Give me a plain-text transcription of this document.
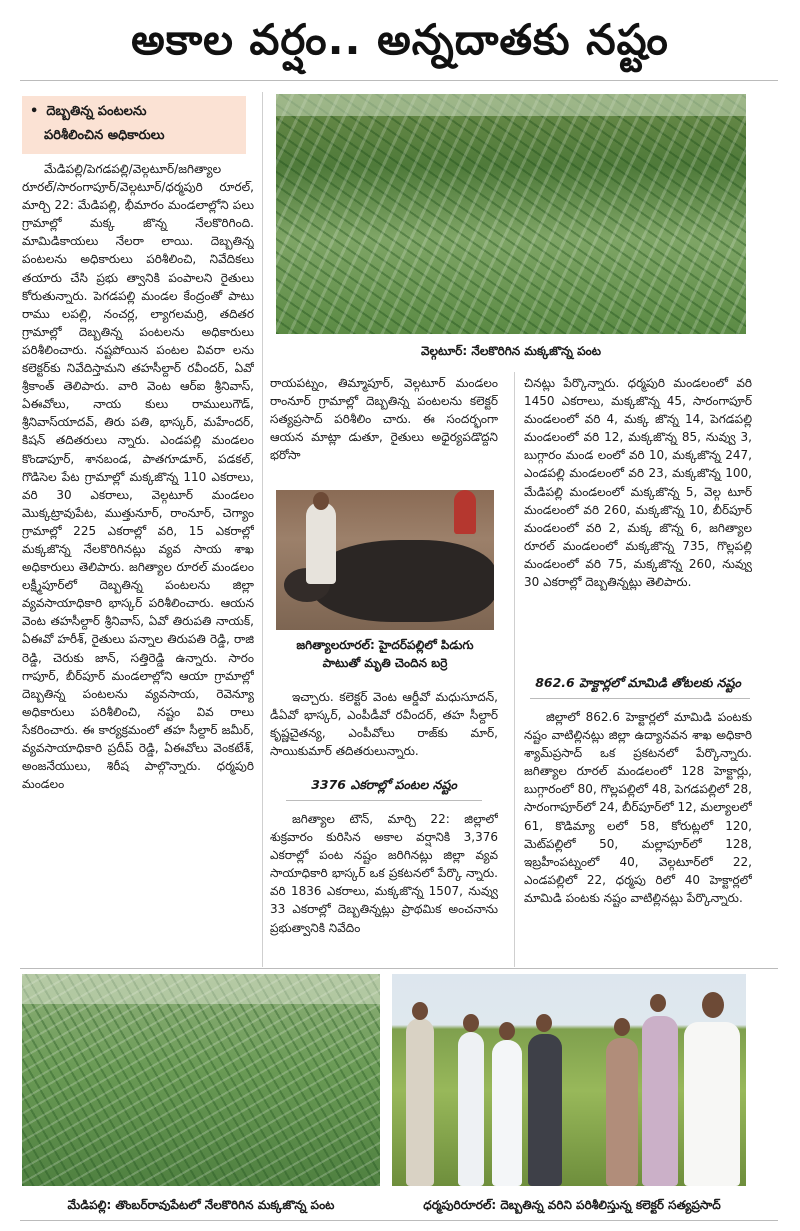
అకాల వర్షం.. అన్నదాతకు నష్టం
• దెబ్బతిన్న పంటలను
పరిశీలించిన అధికారులు

మేడిపల్లి/పెగడపల్లి/వెల్గటూర్/జగిత్యాల రూరల్/సారంగాపూర్/వెల్గటూర్/ధర్మపురి రూరల్, మార్చి 22: మేడిపల్లి, భీమారం మండలాల్లోని పలు గ్రామాల్లో మక్క జొన్న నేలకొరిగింది. మామిడికాయలు నేలరా లాయి. దెబ్బతిన్న పంటలను అధికారులు పరిశీలించి, నివేదికలు తయారు చేసి ప్రభు త్వానికి పంపాలని రైతులు కోరుతున్నారు. పెగడపల్లి మండల కేంద్రంతో పాటు రాము లపల్లి, నంచర్ల, ల్యాగలమర్రి, తదితర గ్రామాల్లో దెబ్బతిన్న పంటలను అధికారులు పరిశీలించారు. నష్టపోయిన పంటల వివరా లను కలెక్టర్‌కు నివేదిస్తామని తహసీల్దార్ రవీందర్, ఏవో శ్రీకాంత్ తెలిపారు. వారి వెంట ఆర్‌ఐ శ్రీనివాస్, ఏఈవోలు, నాయ కులు రాములుగౌడ్, శ్రీనివాస్‌యాదవ్, తిరు పతి, భాస్కర్, మహేందర్, కిషన్ తదితరులు న్నారు. ఎండపల్లి మండలం కొండాపూర్, శానబండ, పాతగూడూర్, పడకల్, గొడిసెల పేట గ్రామాల్లో మక్కజొన్న 110 ఎకరాలు, వరి 30 ఎకరాలు, వెల్గటూర్ మండలం మొక్కట్రావుపేట, ముత్తునూర్, రాంనూర్, చెగ్యాం గ్రామాల్లో 225 ఎకరాల్లో వరి, 15 ఎకరాల్లో మక్కజొన్న నేలకొరిగినట్లు వ్యవ సాయ శాఖ అధికారులు తెలిపారు. జగిత్యాల రూరల్ మండలం లక్ష్మీపూర్‌లో దెబ్బతిన్న పంటలను జిల్లా వ్యవసాయాధికారి భాస్కర్ పరిశీలించారు. ఆయన వెంట తహసీల్దార్ శ్రీనివాస్, ఏవో తిరుపతి నాయక్, ఏఈవో హరీశ్, రైతులు పన్నాల తిరుపతి రెడ్డి, రాజి రెడ్డి, చెరుకు జాన్, సత్తిరెడ్డి ఉన్నారు. సారం గాపూర్, బీర్‌పూర్ మండలాల్లోని ఆయా గ్రామాల్లో దెబ్బతిన్న పంటలను వ్యవసాయ, రెవెన్యూ అధికారులు పరిశీలించి, నష్టం వివ రాలు సేకరించారు. ఈ కార్యక్రమంలో తహ సీల్దార్ జమీర్, వ్యవసాయాధికారి ప్రదీప్ రెడ్డి, ఏఈవోలు వెంకటేశ్, అంజనేయులు, శిరీష పాల్గొన్నారు. ధర్మపురి మండలం

వెల్గటూర్: నేలకొరిగిన మక్కజొన్న పంట

రాయపట్నం, తిమ్మాపూర్, వెల్గటూర్ మండలం రాంనూర్ గ్రామాల్లో దెబ్బతిన్న పంటలను కలెక్టర్ సత్యప్రసాద్ పరిశీలిం చారు. ఈ సందర్భంగా ఆయన మాట్లా డుతూ, రైతులు అధైర్యపడొద్దని భరోసా

జగిత్యాలరూరల్: హైదర్‌పల్లిలో పిడుగు
పాటుతో మృతి చెందిన బర్రె

ఇచ్చారు. కలెక్టర్ వెంట ఆర్డీవో మధుసూదన్, డీఏవో భాస్కర్, ఎంపీడీవో రవీందర్, తహ సీల్దార్ కృష్ణచైతన్య, ఎంపీవోలు రాజ్‌కు మార్, సాయికుమార్ తదితరులున్నారు.

3376 ఎకరాల్లో పంటల నష్టం

జగిత్యాల టౌన్, మార్చి 22: జిల్లాలో శుక్రవారం కురిసిన అకాల వర్షానికి 3,376 ఎకరాల్లో పంట నష్టం జరిగినట్లు జిల్లా వ్యవ సాయాధికారి భాస్కర్ ఒక ప్రకటనలో పేర్కొ న్నారు. వరి 1836 ఎకరాలు, మక్కజొన్న 1507, నువ్వు 33 ఎకరాల్లో దెబ్బతిన్నట్లు ప్రాథమిక అంచనాను ప్రభుత్వానికి నివేదిం

చినట్లు పేర్కొన్నారు. ధర్మపురి మండలంలో వరి 1450 ఎకరాలు, మక్కజొన్న 45, సారంగాపూర్ మండలంలో వరి 4, మక్క జొన్న 14, పెగడపల్లి మండలంలో వరి 12, మక్కజొన్న 85, నువ్వు 3, బుగ్గారం మండ లంలో వరి 10, మక్కజొన్న 247, ఎండపల్లి మండలంలో వరి 23, మక్కజొన్న 100, మేడిపల్లి మండలంలో మక్కజొన్న 5, వెల్గ టూర్ మండలంలో వరి 260, మక్కజొన్న 10, బీర్‌పూర్ మండలంలో వరి 2, మక్క జొన్న 6, జగిత్యాల రూరల్ మండలంలో మక్కజొన్న 735, గొల్లపల్లి మండలంలో వరి 75, మక్కజొన్న 260, నువ్వు 30 ఎకరాల్లో దెబ్బతిన్నట్లు తెలిపారు.

862.6 హెక్టార్లలో మామిడి తోటలకు నష్టం

జిల్లాలో 862.6 హెక్టార్లలో మామిడి పంటకు నష్టం వాటిల్లినట్లు జిల్లా ఉద్యానవన శాఖ అధికారి శ్యామ్‌ప్రసాద్ ఒక ప్రకటనలో పేర్కొన్నారు. జగిత్యాల రూరల్ మండలంలో 128 హెక్టార్లు, బుగ్గారంలో 80, గొల్లపల్లిలో 48, పెగడపల్లిలో 28, సారంగాపూర్‌లో 24, బీర్‌పూర్‌లో 12, మల్యాలలో 61, కొడిమ్యా లలో 58, కోరుట్లలో 120, మెట్‌పల్లిలో 50, మల్లాపూర్‌లో 128, ఇబ్రహీంపట్నంలో 40, వెల్గటూర్‌లో 22, ఎండపల్లిలో 22, ధర్మపు రిలో 40 హెక్టార్లలో మామిడి పంటకు నష్టం వాటిల్లినట్లు పేర్కొన్నారు.

మేడిపల్లి: తొంబర్‌రావుపేటలో నేలకొరిగిన మక్కజొన్న పంట	ధర్మపురిరూరల్: దెబ్బతిన్న వరిని పరిశీలిస్తున్న కలెక్టర్ సత్యప్రసాద్
